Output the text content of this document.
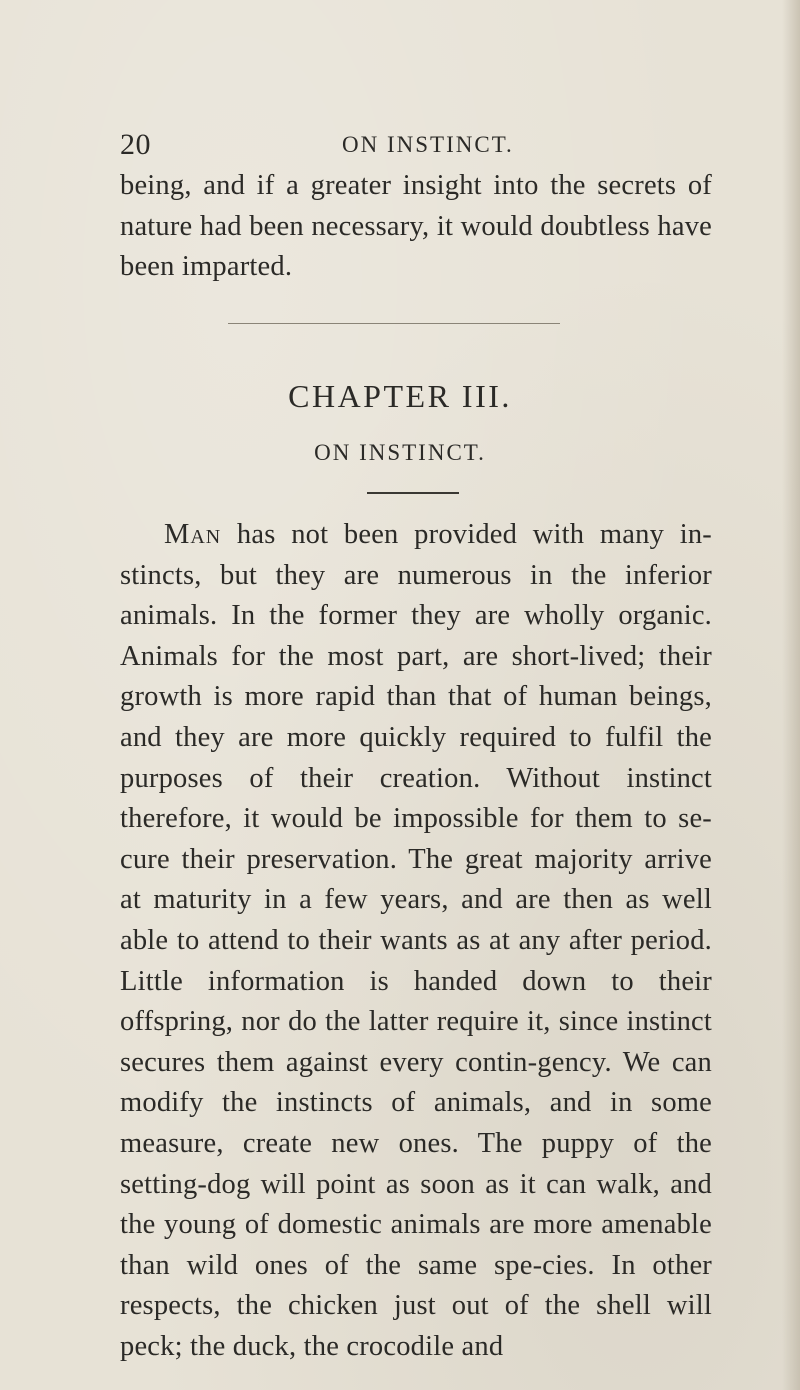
20	ON INSTINCT.
being, and if a greater insight into the secrets of nature had been necessary, it would doubtless have been imparted.
CHAPTER III.
ON INSTINCT.
Man has not been provided with many in-stincts, but they are numerous in the inferior animals. In the former they are wholly organic. Animals for the most part, are short-lived; their growth is more rapid than that of human beings, and they are more quickly required to fulfil the purposes of their creation. Without instinct therefore, it would be impossible for them to se-cure their preservation. The great majority arrive at maturity in a few years, and are then as well able to attend to their wants as at any after period. Little information is handed down to their offspring, nor do the latter require it, since instinct secures them against every contin-gency. We can modify the instincts of animals, and in some measure, create new ones. The puppy of the setting-dog will point as soon as it can walk, and the young of domestic animals are more amenable than wild ones of the same spe-cies. In other respects, the chicken just out of the shell will peck; the duck, the crocodile and
